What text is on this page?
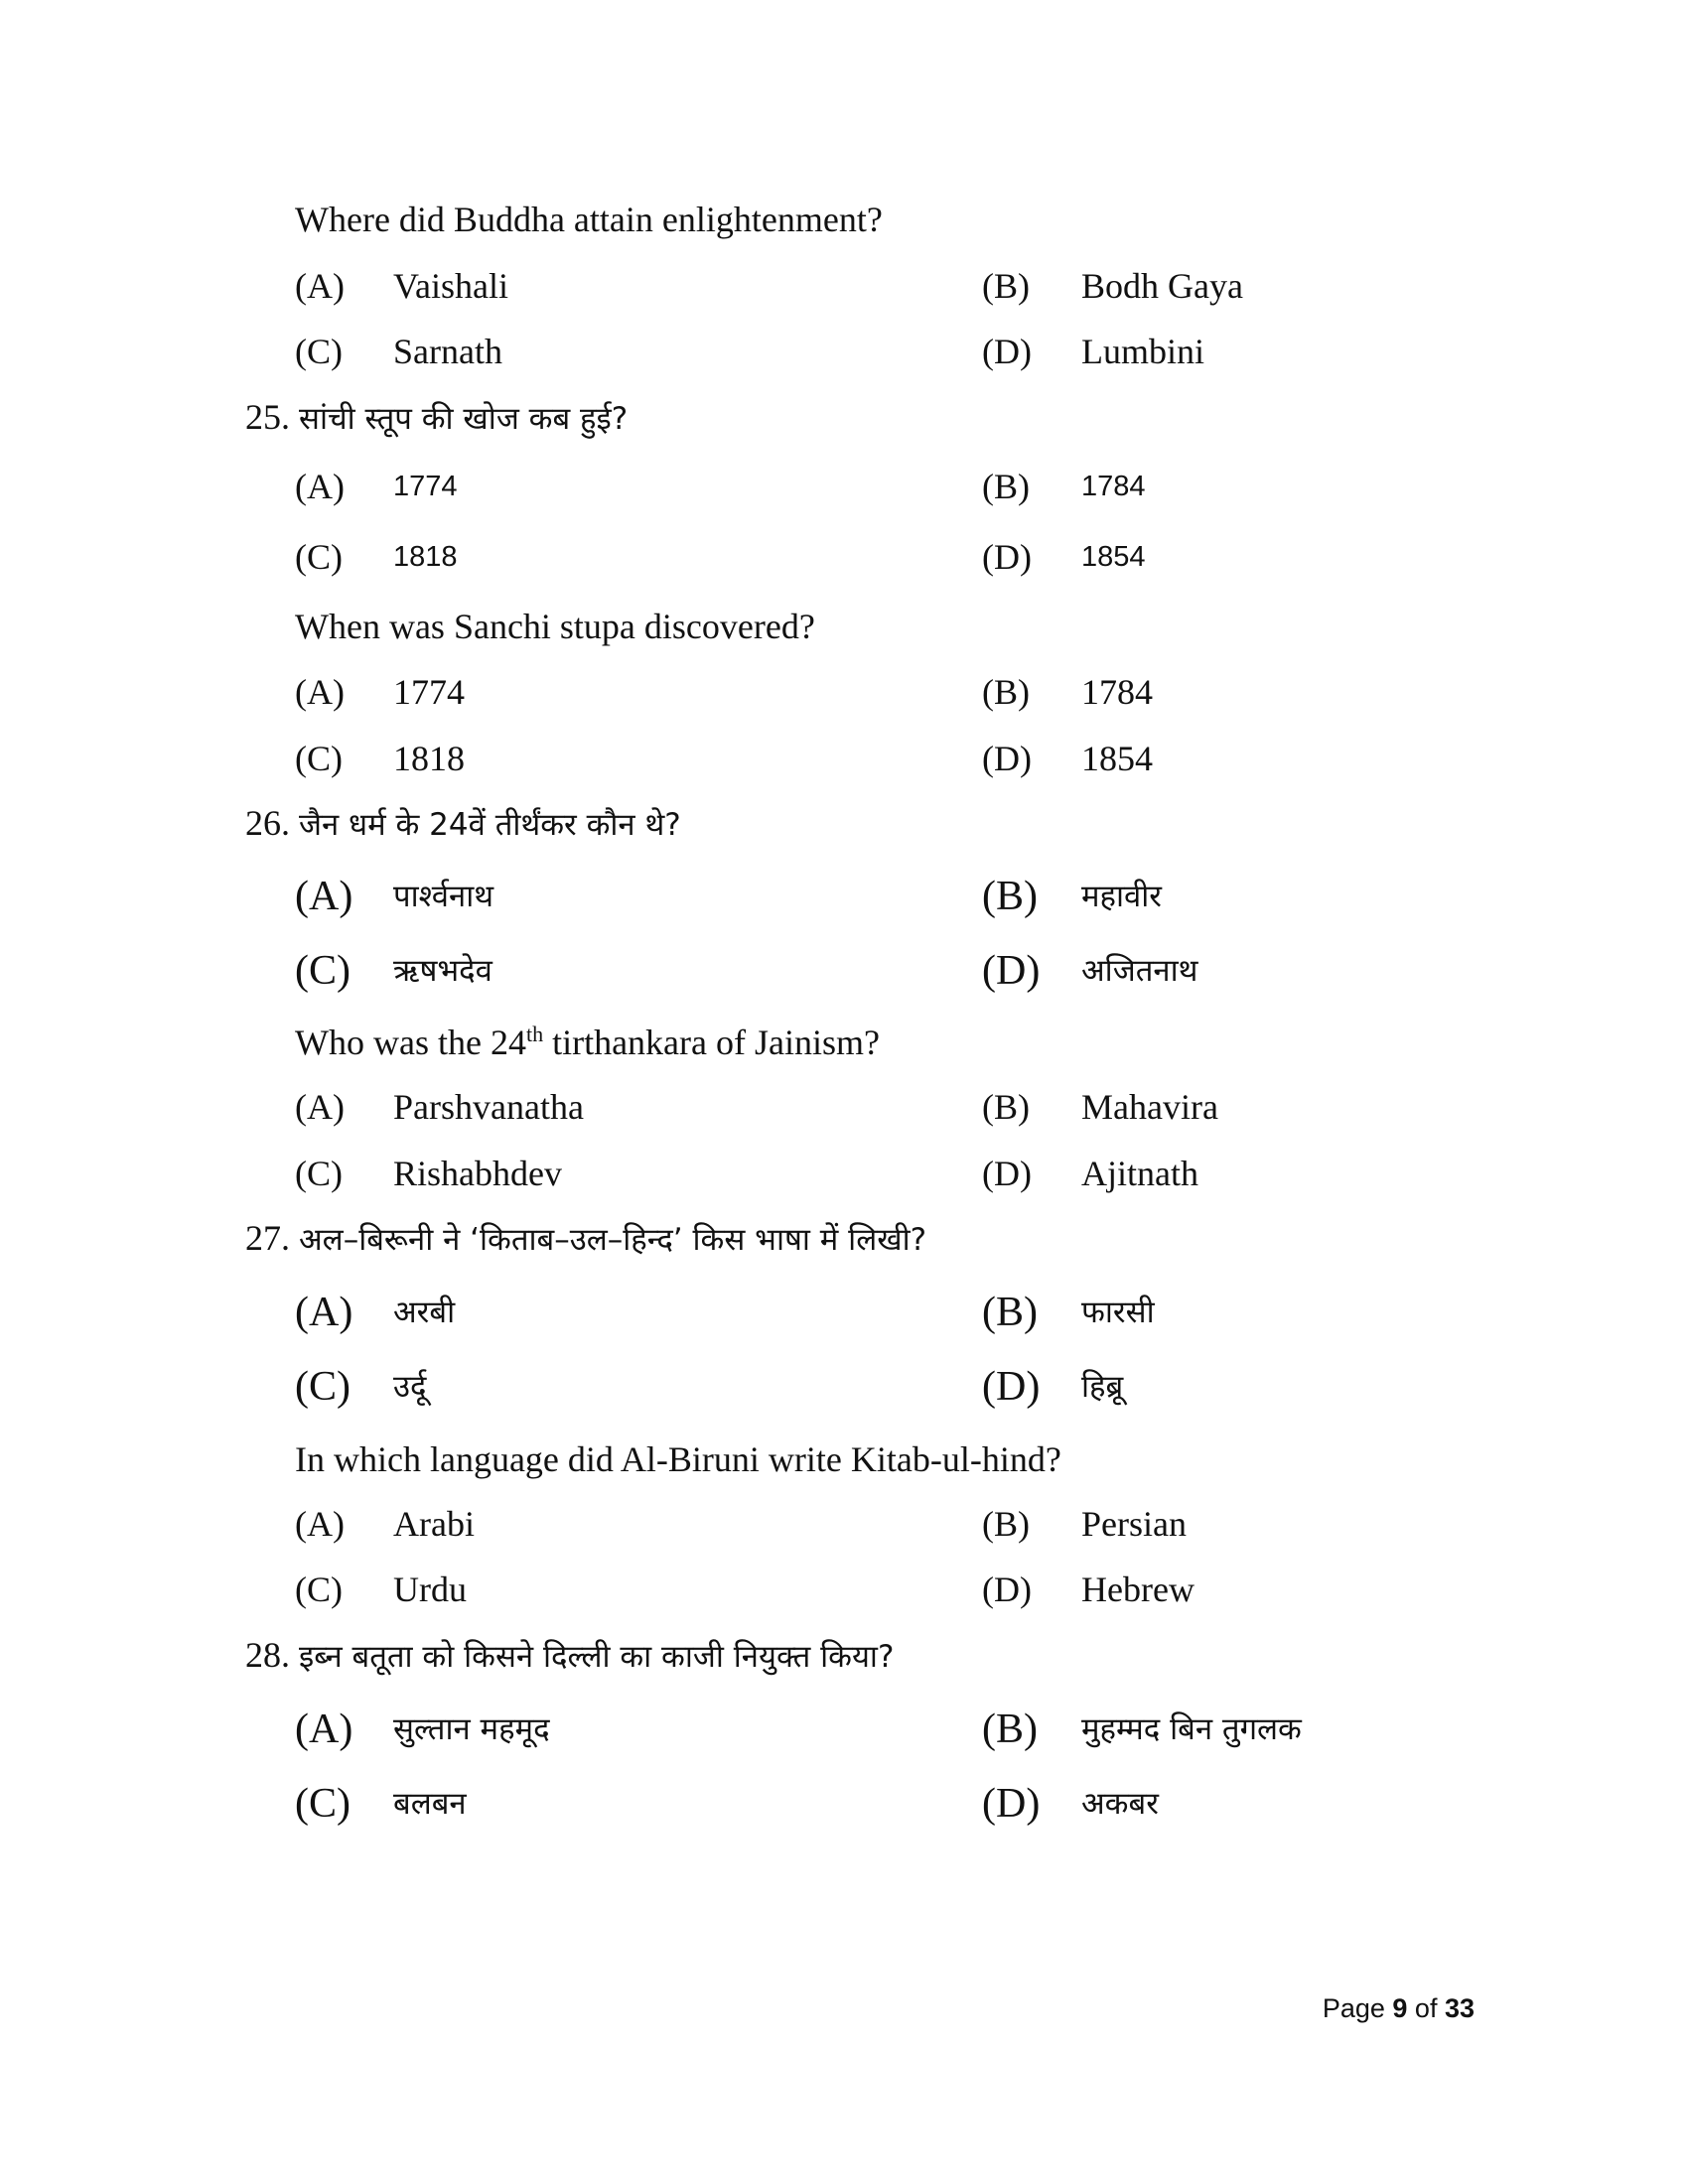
Where did Buddha attain enlightenment?
(A) Vaishali	(B) Bodh Gaya
(C) Sarnath	(D) Lumbini
25. सांची स्तूप की खोज कब हुई?
(A) 1774	(B) 1784
(C) 1818	(D) 1854
When was Sanchi stupa discovered?
(A) 1774	(B) 1784
(C) 1818	(D) 1854
26. जैन धर्म के 24वें तीर्थंकर कौन थे?
(A) पार्श्वनाथ	(B) महावीर
(C) ऋषभदेव	(D) अजितनाथ
Who was the 24th tirthankara of Jainism?
(A) Parshvanatha	(B) Mahavira
(C) Rishabhdev	(D) Ajitnath
27. अल–बिरूनी ने ‘किताब–उल–हिन्द’ किस भाषा में लिखी?
(A) अरबी	(B) फारसी
(C) उर्दू	(D) हिब्रू
In which language did Al-Biruni write Kitab-ul-hind?
(A) Arabi	(B) Persian
(C) Urdu	(D) Hebrew
28. इब्न बतूता को किसने दिल्ली का काजी नियुक्त किया?
(A) सुल्तान महमूद	(B) मुहम्मद बिन तुगलक
(C) बलबन	(D) अकबर
Page 9 of 33
